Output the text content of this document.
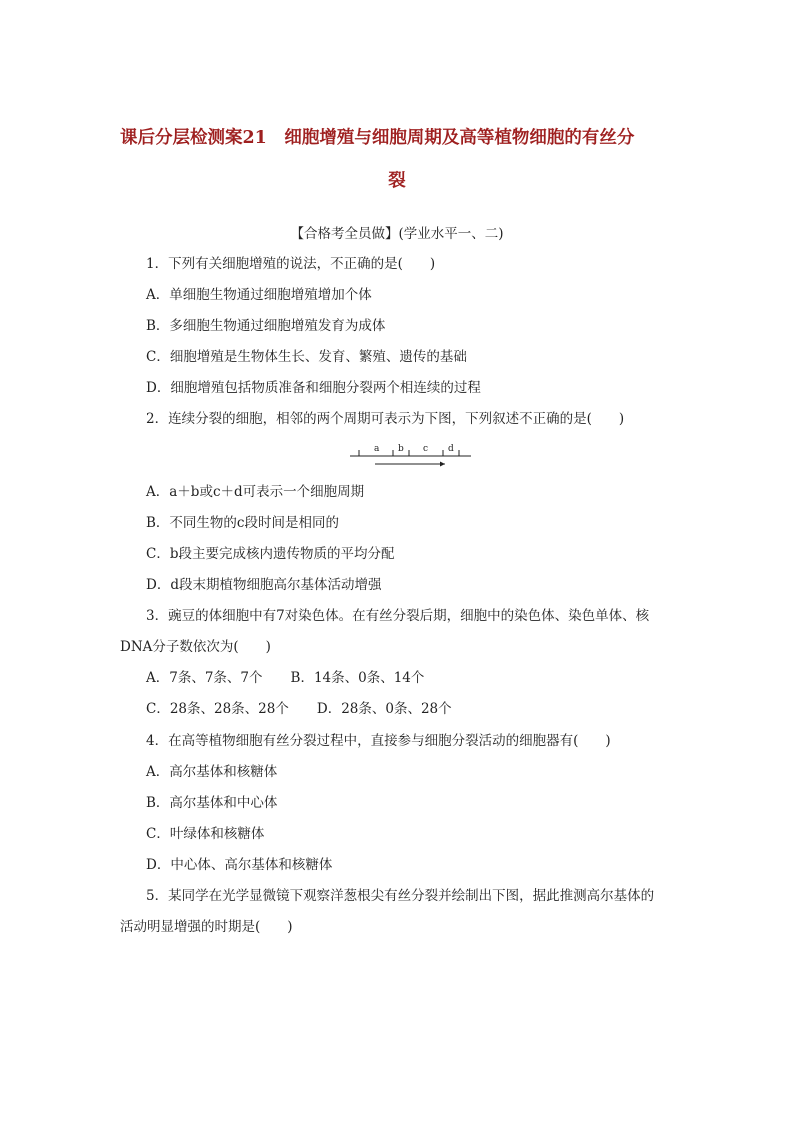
课后分层检测案21　细胞增殖与细胞周期及高等植物细胞的有丝分
裂
【合格考全员做】(学业水平一、二)
1．下列有关细胞增殖的说法，不正确的是(　　)
A．单细胞生物通过细胞增殖增加个体
B．多细胞生物通过细胞增殖发育为成体
C．细胞增殖是生物体生长、发育、繁殖、遗传的基础
D．细胞增殖包括物质准备和细胞分裂两个相连续的过程
2．连续分裂的细胞，相邻的两个周期可表示为下图，下列叙述不正确的是(　　)
a b c d
A．a＋b或c＋d可表示一个细胞周期
B．不同生物的c段时间是相同的
C．b段主要完成核内遗传物质的平均分配
D．d段末期植物细胞高尔基体活动增强
3．豌豆的体细胞中有7对染色体。在有丝分裂后期，细胞中的染色体、染色单体、核
DNA分子数依次为(　　)
A．7条、7条、7个 B．14条、0条、14个
C．28条、28条、28个 D．28条、0条、28个
4．在高等植物细胞有丝分裂过程中，直接参与细胞分裂活动的细胞器有(　　)
A．高尔基体和核糖体
B．高尔基体和中心体
C．叶绿体和核糖体
D．中心体、高尔基体和核糖体
5．某同学在光学显微镜下观察洋葱根尖有丝分裂并绘制出下图，据此推测高尔基体的
活动明显增强的时期是(　　)
